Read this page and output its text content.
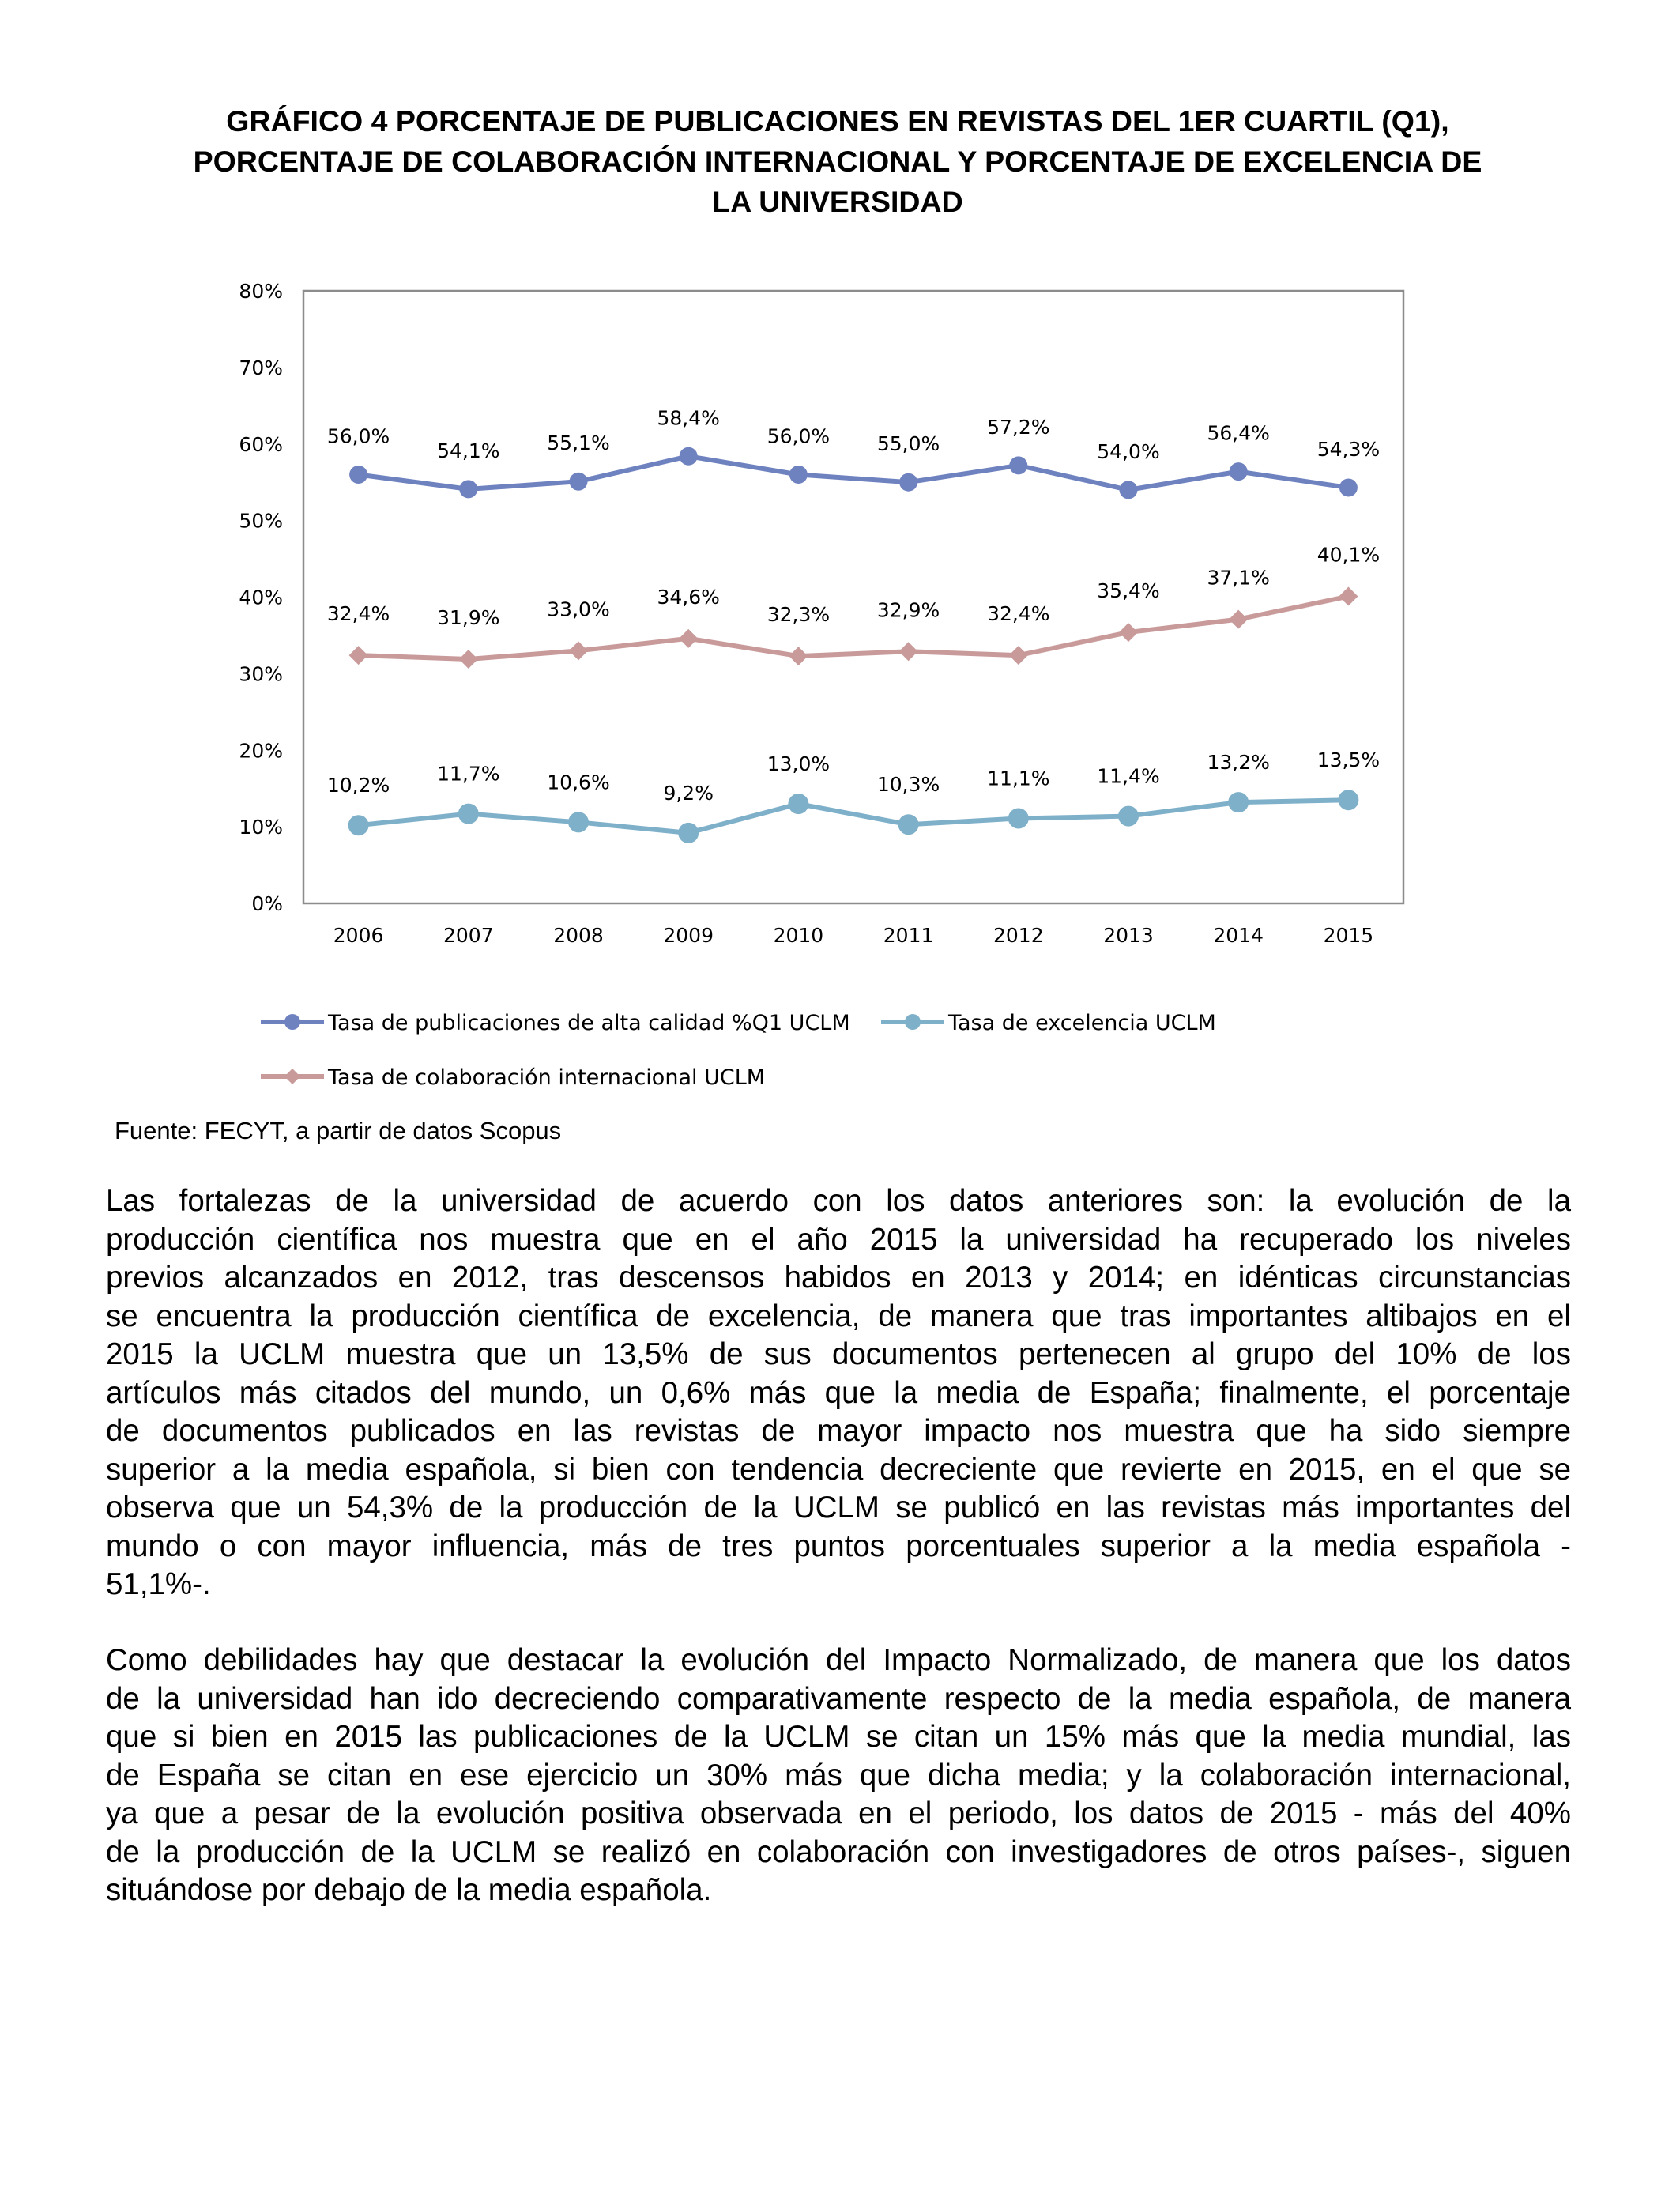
GRÁFICO 4 PORCENTAJE DE PUBLICACIONES EN REVISTAS DEL 1ER CUARTIL (Q1),
PORCENTAJE DE COLABORACIÓN INTERNACIONAL Y PORCENTAJE DE EXCELENCIA DE
LA UNIVERSIDAD
0%
10%
20%
30%
40%
50%
60%
70%
80%
2006	2007	2008	2009	2010	2011	2012	2013	2014	2015
56,0%
54,1% 55,1%
58,4%
56,0% 55,0%
57,2%
54,0%
56,4%
54,3%
10,2%
11,7% 10,6%	9,2%
13,0%
10,3% 11,1% 11,4%
13,2% 13,5%
32,4% 31,9% 33,0%
34,6%
32,3% 32,9% 32,4%
35,4%
37,1%
40,1%
Tasa de publicaciones de alta calidad %Q1 UCLM	Tasa de excelencia UCLM
Tasa de colaboración internacional UCLM
Fuente: FECYT, a partir de datos Scopus
Las fortalezas de la universidad de acuerdo con los datos anteriores son: la evolución de la
producción científica nos muestra que en el año 2015 la universidad ha recuperado los niveles
previos alcanzados en 2012, tras descensos habidos en 2013 y 2014; en idénticas circunstancias
se encuentra la producción científica de excelencia, de manera que tras importantes altibajos en el
2015 la UCLM muestra que un 13,5% de sus documentos pertenecen al grupo del 10% de los
artículos más citados del mundo, un 0,6% más que la media de España; finalmente, el porcentaje
de documentos publicados en las revistas de mayor impacto nos muestra que ha sido siempre
superior a la media española, si bien con tendencia decreciente que revierte en 2015, en el que se
observa que un 54,3% de la producción de la UCLM se publicó en las revistas más importantes del
mundo o con mayor influencia, más de tres puntos porcentuales superior a la media española -
51,1%-.
Como debilidades hay que destacar la evolución del Impacto Normalizado, de manera que los datos
de la universidad han ido decreciendo comparativamente respecto de la media española, de manera
que si bien en 2015 las publicaciones de la UCLM se citan un 15% más que la media mundial, las
de España se citan en ese ejercicio un 30% más que dicha media; y la colaboración internacional,
ya que a pesar de la evolución positiva observada en el periodo, los datos de 2015 - más del 40%
de la producción de la UCLM se realizó en colaboración con investigadores de otros países-, siguen
situándose por debajo de la media española.
